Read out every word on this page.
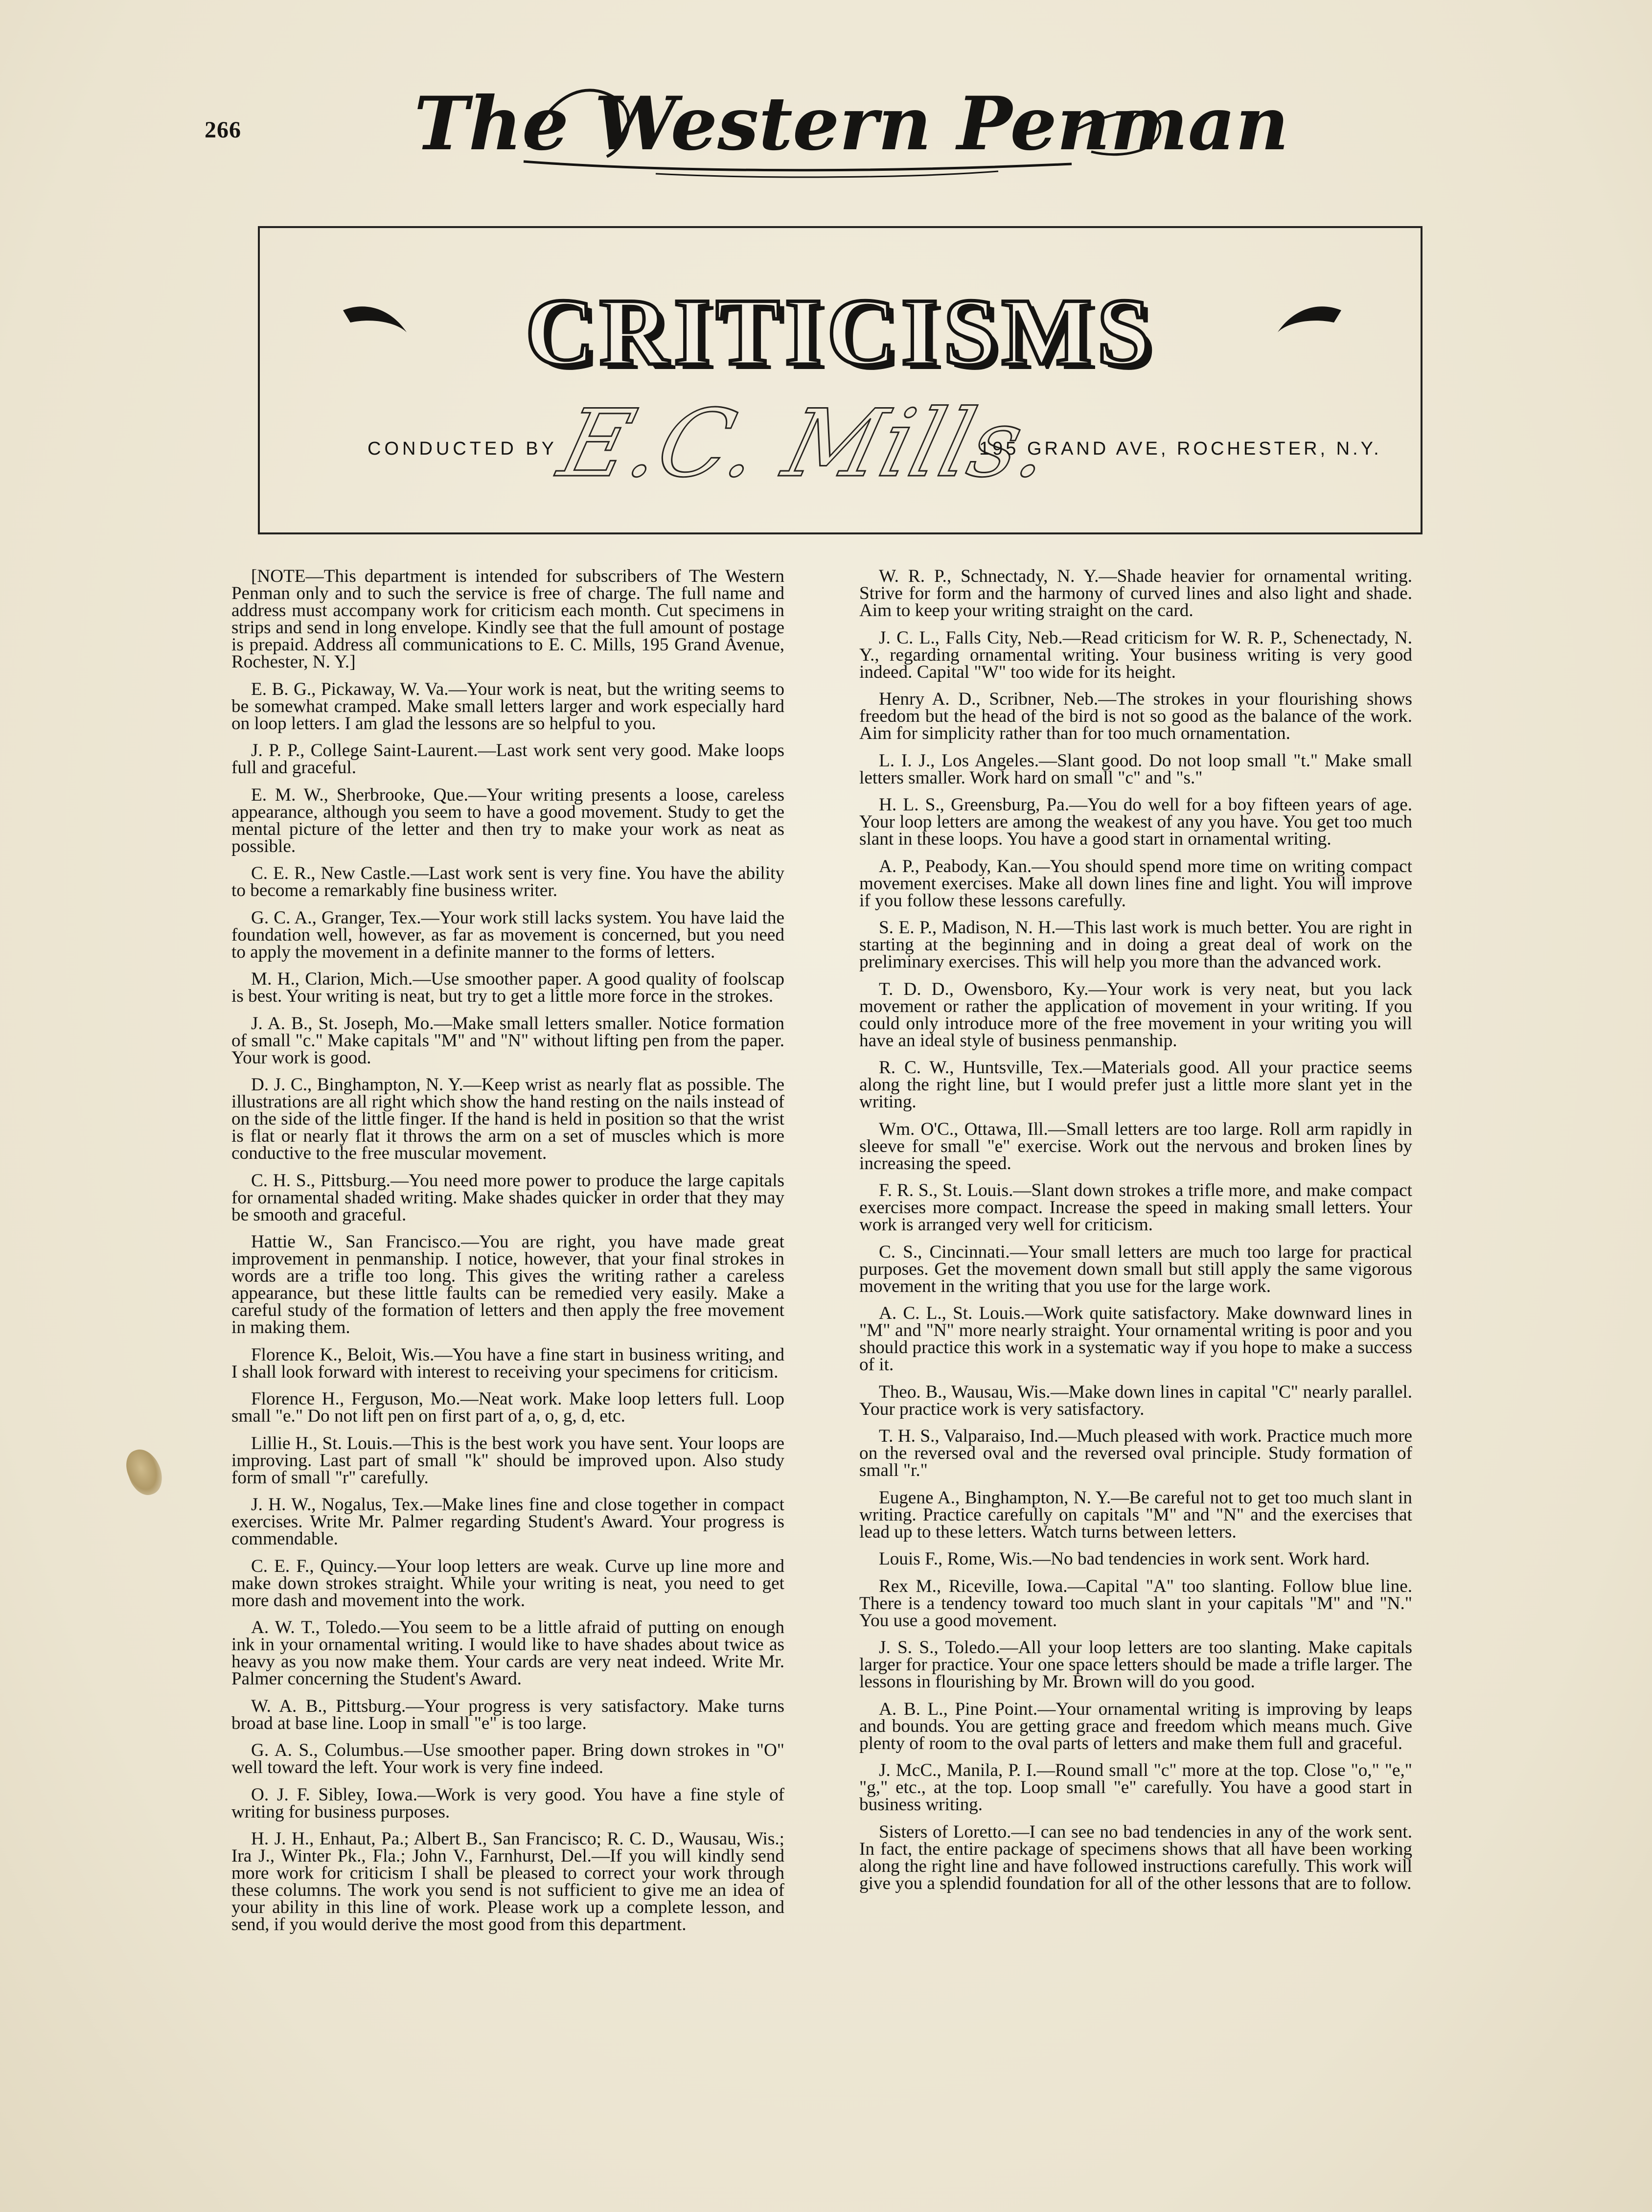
266 The Western Penman
CRITICISMS
CONDUCTED BY
E.C. Mills.
195 GRAND AVE, ROCHESTER, N.Y.

[NOTE—This department is intended for subscribers of The Western Penman only and to such the service is free of charge. The full name and address must accompany work for criticism each month. Cut specimens in strips and send in long envelope. Kindly see that the full amount of postage is prepaid. Address all communications to E. C. Mills, 195 Grand Avenue, Rochester, N. Y.]

E. B. G., Pickaway, W. Va.—Your work is neat, but the writing seems to be somewhat cramped. Make small letters larger and work especially hard on loop letters. I am glad the lessons are so helpful to you.

J. P. P., College Saint-Laurent.—Last work sent very good. Make loops full and graceful.

E. M. W., Sherbrooke, Que.—Your writing presents a loose, careless appearance, although you seem to have a good movement. Study to get the mental picture of the letter and then try to make your work as neat as possible.

C. E. R., New Castle.—Last work sent is very fine. You have the ability to become a remarkably fine business writer.

G. C. A., Granger, Tex.—Your work still lacks system. You have laid the foundation well, however, as far as movement is concerned, but you need to apply the movement in a definite manner to the forms of letters.

M. H., Clarion, Mich.—Use smoother paper. A good quality of foolscap is best. Your writing is neat, but try to get a little more force in the strokes.

J. A. B., St. Joseph, Mo.—Make small letters smaller. Notice formation of small "c." Make capitals "M" and "N" without lifting pen from the paper. Your work is good.

D. J. C., Binghampton, N. Y.—Keep wrist as nearly flat as possible. The illustrations are all right which show the hand resting on the nails instead of on the side of the little finger. If the hand is held in position so that the wrist is flat or nearly flat it throws the arm on a set of muscles which is more conductive to the free muscular movement.

C. H. S., Pittsburg.—You need more power to produce the large capitals for ornamental shaded writing. Make shades quicker in order that they may be smooth and graceful.

Hattie W., San Francisco.—You are right, you have made great improvement in penmanship. I notice, however, that your final strokes in words are a trifle too long. This gives the writing rather a careless appearance, but these little faults can be remedied very easily. Make a careful study of the formation of letters and then apply the free movement in making them.

Florence K., Beloit, Wis.—You have a fine start in business writing, and I shall look forward with interest to receiving your specimens for criticism.

Florence H., Ferguson, Mo.—Neat work. Make loop letters full. Loop small "e." Do not lift pen on first part of a, o, g, d, etc.

Lillie H., St. Louis.—This is the best work you have sent. Your loops are improving. Last part of small "k" should be improved upon. Also study form of small "r" carefully.

J. H. W., Nogalus, Tex.—Make lines fine and close together in compact exercises. Write Mr. Palmer regarding Student's Award. Your progress is commendable.

C. E. F., Quincy.—Your loop letters are weak. Curve up line more and make down strokes straight. While your writing is neat, you need to get more dash and movement into the work.

A. W. T., Toledo.—You seem to be a little afraid of putting on enough ink in your ornamental writing. I would like to have shades about twice as heavy as you now make them. Your cards are very neat indeed. Write Mr. Palmer concerning the Student's Award.

W. A. B., Pittsburg.—Your progress is very satisfactory. Make turns broad at base line. Loop in small "e" is too large.

G. A. S., Columbus.—Use smoother paper. Bring down strokes in "O" well toward the left. Your work is very fine indeed.

O. J. F. Sibley, Iowa.—Work is very good. You have a fine style of writing for business purposes.

H. J. H., Enhaut, Pa.; Albert B., San Francisco; R. C. D., Wausau, Wis.; Ira J., Winter Pk., Fla.; John V., Farnhurst, Del.—If you will kindly send more work for criticism I shall be pleased to correct your work through these columns. The work you send is not sufficient to give me an idea of your ability in this line of work. Please work up a complete lesson, and send, if you would derive the most good from this department.

W. R. P., Schnectady, N. Y.—Shade heavier for ornamental writing. Strive for form and the harmony of curved lines and also light and shade. Aim to keep your writing straight on the card.

J. C. L., Falls City, Neb.—Read criticism for W. R. P., Schenectady, N. Y., regarding ornamental writing. Your business writing is very good indeed. Capital "W" too wide for its height.

Henry A. D., Scribner, Neb.—The strokes in your flourishing shows freedom but the head of the bird is not so good as the balance of the work. Aim for simplicity rather than for too much ornamentation.

L. I. J., Los Angeles.—Slant good. Do not loop small "t." Make small letters smaller. Work hard on small "c" and "s."

H. L. S., Greensburg, Pa.—You do well for a boy fifteen years of age. Your loop letters are among the weakest of any you have. You get too much slant in these loops. You have a good start in ornamental writing.

A. P., Peabody, Kan.—You should spend more time on writing compact movement exercises. Make all down lines fine and light. You will improve if you follow these lessons carefully.

S. E. P., Madison, N. H.—This last work is much better. You are right in starting at the beginning and in doing a great deal of work on the preliminary exercises. This will help you more than the advanced work.

T. D. D., Owensboro, Ky.—Your work is very neat, but you lack movement or rather the application of movement in your writing. If you could only introduce more of the free movement in your writing you will have an ideal style of business penmanship.

R. C. W., Huntsville, Tex.—Materials good. All your practice seems along the right line, but I would prefer just a little more slant yet in the writing.

Wm. O'C., Ottawa, Ill.—Small letters are too large. Roll arm rapidly in sleeve for small "e" exercise. Work out the nervous and broken lines by increasing the speed.

F. R. S., St. Louis.—Slant down strokes a trifle more, and make compact exercises more compact. Increase the speed in making small letters. Your work is arranged very well for criticism.

C. S., Cincinnati.—Your small letters are much too large for practical purposes. Get the movement down small but still apply the same vigorous movement in the writing that you use for the large work.

A. C. L., St. Louis.—Work quite satisfactory. Make downward lines in "M" and "N" more nearly straight. Your ornamental writing is poor and you should practice this work in a systematic way if you hope to make a success of it.

Theo. B., Wausau, Wis.—Make down lines in capital "C" nearly parallel. Your practice work is very satisfactory.

T. H. S., Valparaiso, Ind.—Much pleased with work. Practice much more on the reversed oval and the reversed oval principle. Study formation of small "r."

Eugene A., Binghampton, N. Y.—Be careful not to get too much slant in writing. Practice carefully on capitals "M" and "N" and the exercises that lead up to these letters. Watch turns between letters.

Louis F., Rome, Wis.—No bad tendencies in work sent. Work hard.

Rex M., Riceville, Iowa.—Capital "A" too slanting. Follow blue line. There is a tendency toward too much slant in your capitals "M" and "N." You use a good movement.

J. S. S., Toledo.—All your loop letters are too slanting. Make capitals larger for practice. Your one space letters should be made a trifle larger. The lessons in flourishing by Mr. Brown will do you good.

A. B. L., Pine Point.—Your ornamental writing is improving by leaps and bounds. You are getting grace and freedom which means much. Give plenty of room to the oval parts of letters and make them full and graceful.

J. McC., Manila, P. I.—Round small "c" more at the top. Close "o," "e," "g," etc., at the top. Loop small "e" carefully. You have a good start in business writing.

Sisters of Loretto.—I can see no bad tendencies in any of the work sent. In fact, the entire package of specimens shows that all have been working along the right line and have followed instructions carefully. This work will give you a splendid foundation for all of the other lessons that are to follow.
